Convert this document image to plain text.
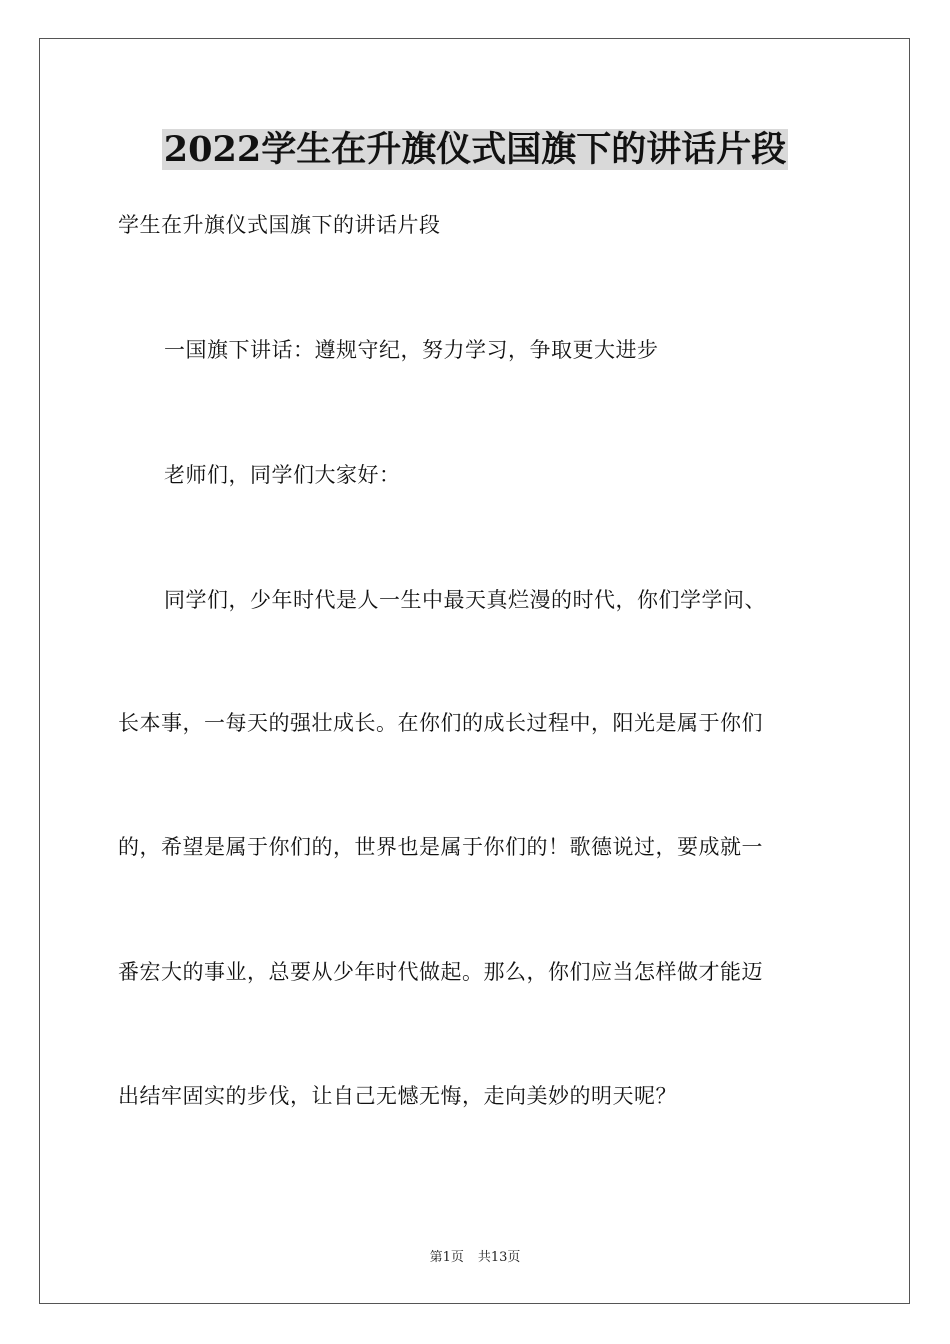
2022学生在升旗仪式国旗下的讲话片段

学生在升旗仪式国旗下的讲话片段

一国旗下讲话：遵规守纪，努力学习，争取更大进步

老师们，同学们大家好：

同学们，少年时代是人一生中最天真烂漫的时代，你们学学问、

长本事，一每天的强壮成长。在你们的成长过程中，阳光是属于你们

的，希望是属于你们的，世界也是属于你们的！歌德说过，要成就一

番宏大的事业，总要从少年时代做起。那么，你们应当怎样做才能迈

出结牢固实的步伐，让自己无憾无悔，走向美妙的明天呢？

第1页 共13页
